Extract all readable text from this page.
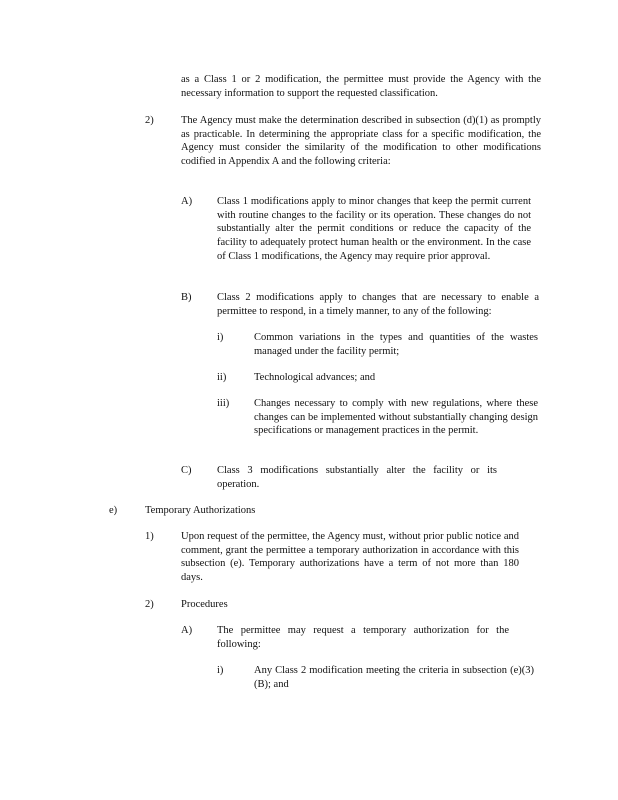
as a Class 1 or 2 modification, the permittee must provide the Agency with the necessary information to support the requested classification.
2)	The Agency must make the determination described in subsection (d)(1) as promptly as practicable. In determining the appropriate class for a specific modification, the Agency must consider the similarity of the modification to other modifications codified in Appendix A and the following criteria:
A) Class 1 modifications apply to minor changes that keep the permit current with routine changes to the facility or its operation. These changes do not substantially alter the permit conditions or reduce the capacity of the facility to adequately protect human health or the environment. In the case of Class 1 modifications, the Agency may require prior approval.
B) Class 2 modifications apply to changes that are necessary to enable a permittee to respond, in a timely manner, to any of the following:
i)	Common variations in the types and quantities of the wastes managed under the facility permit;
ii)	Technological advances; and
iii) Changes necessary to comply with new regulations, where these changes can be implemented without substantially changing design specifications or management practices in the permit.
C) Class 3 modifications substantially alter the facility or its operation.
e)	Temporary Authorizations
1)	Upon request of the permittee, the Agency must, without prior public notice and comment, grant the permittee a temporary authorization in accordance with this subsection (e). Temporary authorizations have a term of not more than 180 days.
2)	Procedures
A) The permittee may request a temporary authorization for the following:
i)	Any Class 2 modification meeting the criteria in subsection (e)(3)(B); and
